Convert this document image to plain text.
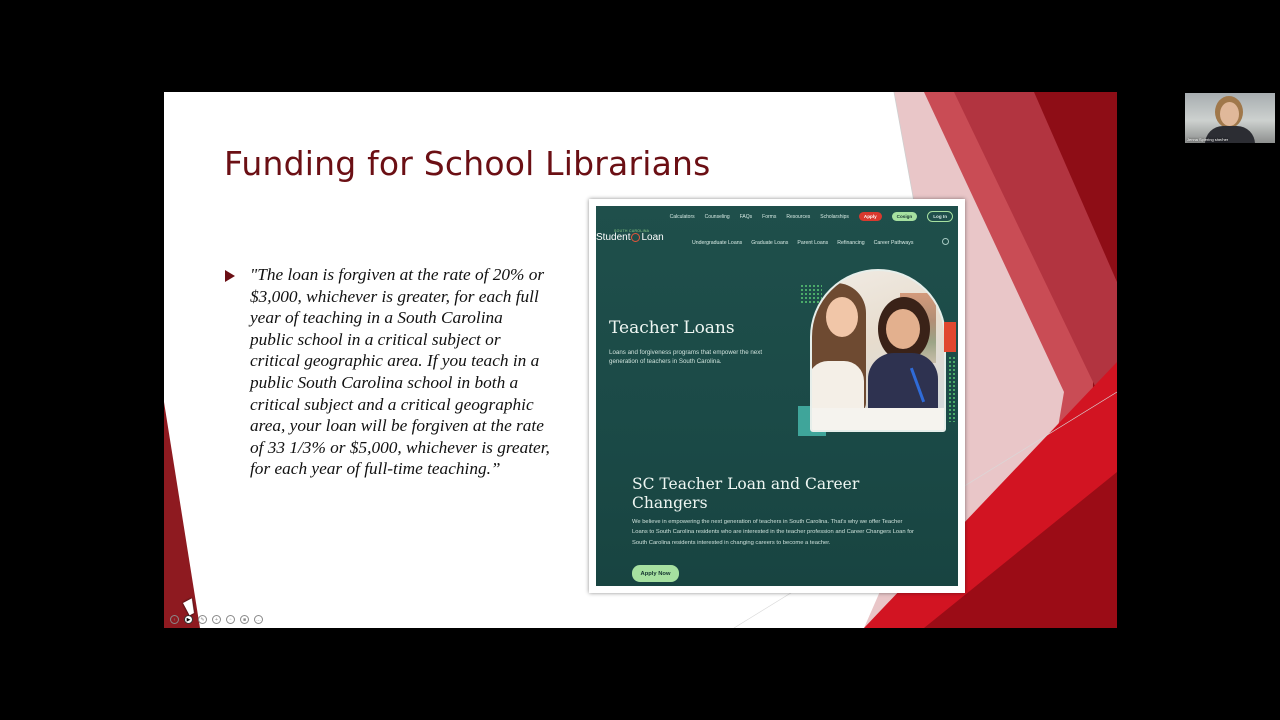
Funding for School Librarians
"The loan is forgiven at the rate of 20% or $3,000, whichever is greater, for each full year of teaching in a South Carolina public school in a critical subject or critical geographic area. If you teach in a public South Carolina school in both a critical subject and a critical geographic area, your loan will be forgiven at the rate of 33 1/3% or $5,000, whichever is greater, for each year of full-time teaching.”
Calculators Counseling FAQs Forms Resources Scholarships	Apply	Cosign	Log In
SOUTH CAROLINA
Student Loan	Undergraduate Loans Graduate Loans Parent Loans Refinancing Career Pathways
Teacher Loans
Loans and forgiveness programs that empower the next generation of teachers in South Carolina.
SC Teacher Loan and Career Changers
We believe in empowering the next generation of teachers in South Carolina. That's why we offer Teacher Loans to South Carolina residents who are interested in the teacher profession and Career Changers Loan for South Carolina residents interested in changing careers to become a teacher.
Apply Now
‹	▶	✎	+	▫	■	…
Jenna Spiering she/her
